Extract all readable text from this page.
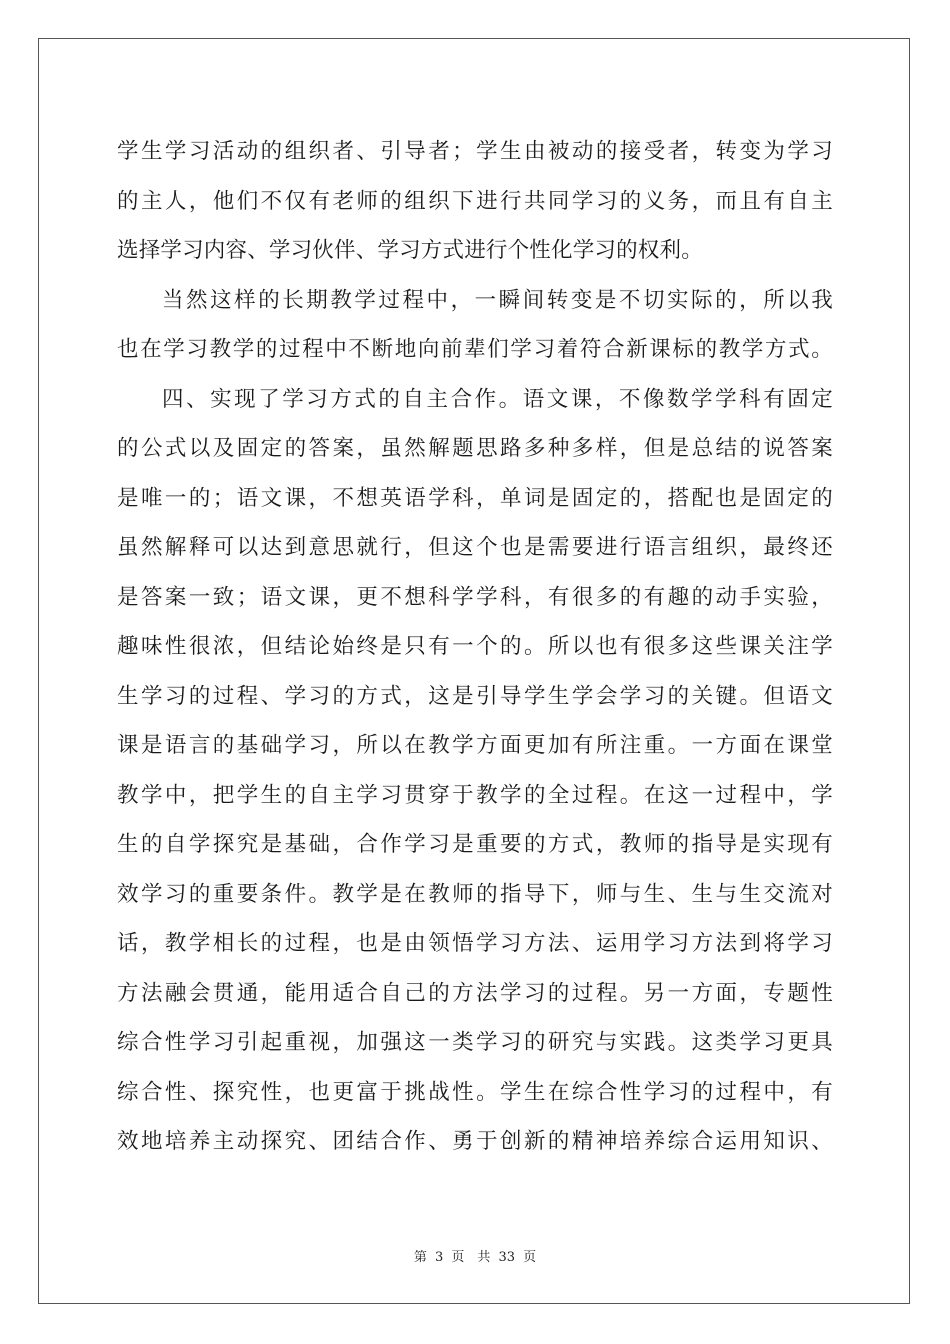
学生学习活动的组织者、引导者；学生由被动的接受者，转变为学习
的主人，他们不仅有老师的组织下进行共同学习的义务，而且有自主
选择学习内容、学习伙伴、学习方式进行个性化学习的权利。
当然这样的长期教学过程中，一瞬间转变是不切实际的，所以我
也在学习教学的过程中不断地向前辈们学习着符合新课标的教学方式。
四、实现了学习方式的自主合作。语文课，不像数学学科有固定
的公式以及固定的答案，虽然解题思路多种多样，但是总结的说答案
是唯一的；语文课，不想英语学科，单词是固定的，搭配也是固定的
虽然解释可以达到意思就行，但这个也是需要进行语言组织，最终还
是答案一致；语文课，更不想科学学科，有很多的有趣的动手实验，
趣味性很浓，但结论始终是只有一个的。所以也有很多这些课关注学
生学习的过程、学习的方式，这是引导学生学会学习的关键。但语文
课是语言的基础学习，所以在教学方面更加有所注重。一方面在课堂
教学中，把学生的自主学习贯穿于教学的全过程。在这一过程中，学
生的自学探究是基础，合作学习是重要的方式，教师的指导是实现有
效学习的重要条件。教学是在教师的指导下，师与生、生与生交流对
话，教学相长的过程，也是由领悟学习方法、运用学习方法到将学习
方法融会贯通，能用适合自己的方法学习的过程。另一方面，专题性
综合性学习引起重视，加强这一类学习的研究与实践。这类学习更具
综合性、探究性，也更富于挑战性。学生在综合性学习的过程中，有
效地培养主动探究、团结合作、勇于创新的精神培养综合运用知识、
第 3 页　共 33 页
